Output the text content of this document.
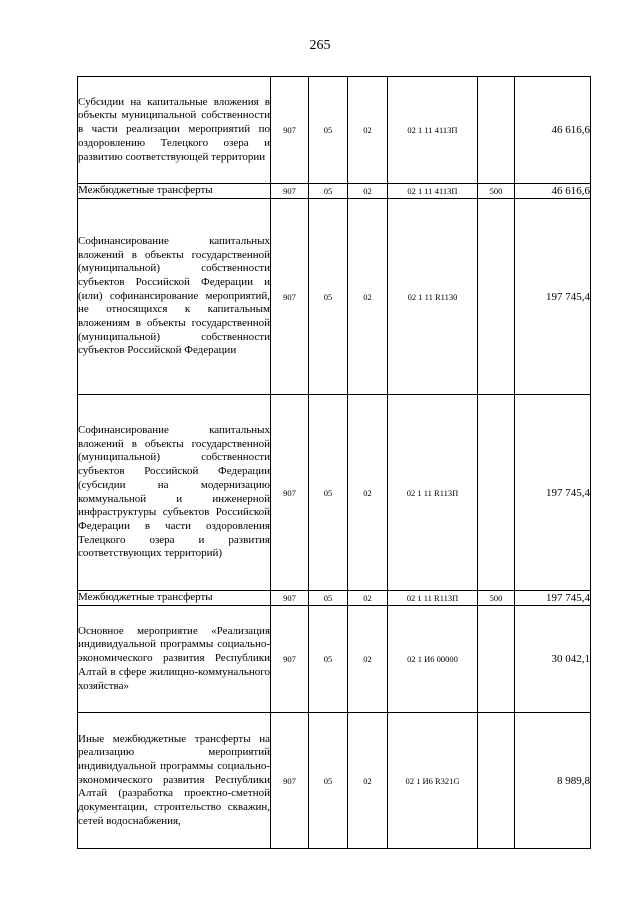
265
Субсидии на капитальные вложения в объекты муниципальной собственности в части реализации мероприятий по оздоровлению Телецкого озера и развитию соответствующей территории	907	05	02	02 1 11 4113П		46 616,6
Межбюджетные трансферты	907	05	02	02 1 11 4113П	500	46 616,6
Софинансирование капитальных вложений в объекты государственной (муниципальной) собственности субъектов Российской Федерации и (или) софинансирование мероприятий, не относящихся к капитальным вложениям в объекты государственной (муниципальной) собственности субъектов Российской Федерации	907	05	02	02 1 11 R1130		197 745,4
Софинансирование капитальных вложений в объекты государственной (муниципальной) собственности субъектов Российской Федерации (субсидии на модернизацию коммунальной и инженерной инфраструктуры субъектов Российской Федерации в части оздоровления Телецкого озера и развития соответствующих территорий)	907	05	02	02 1 11 R113П		197 745,4
Межбюджетные трансферты	907	05	02	02 1 11 R113П	500	197 745,4
Основное мероприятие «Реализация индивидуальной программы социально-экономического развития Республики Алтай в сфере жилищно-коммунального хозяйства»	907	05	02	02 1 И6 00000		30 042,1
Иные межбюджетные трансферты на реализацию мероприятий индивидуальной программы социально-экономического развития Республики Алтай (разработка проектно-сметной документации, строительство скважин, сетей водоснабжения,	907	05	02	02 1 И6 R321G		8 989,8
